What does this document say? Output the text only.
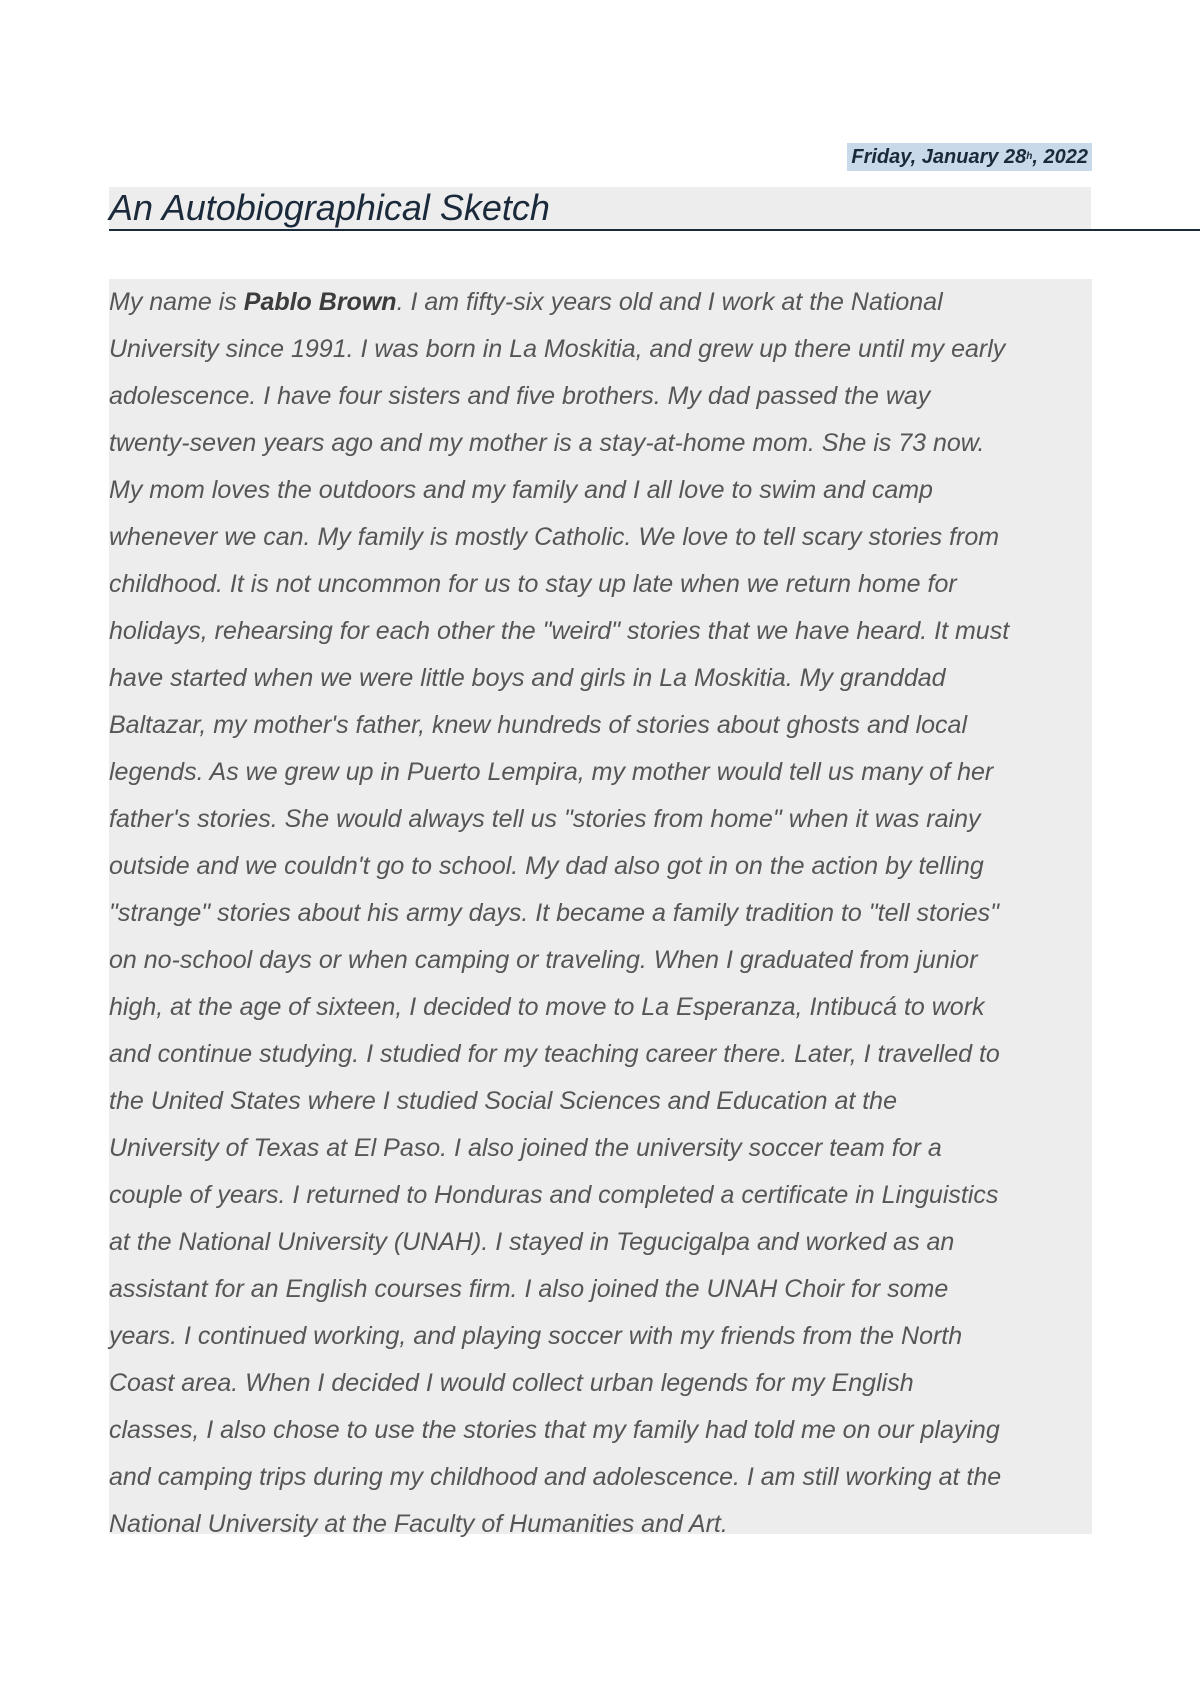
Friday, January 28 h , 2022
An Autobiographical Sketch
My name is Pablo Brown. I am fifty-six years old and I work at the National
University since 1991. I was born in La Moskitia, and grew up there until my early
adolescence. I have four sisters and five brothers. My dad passed the way
twenty-seven years ago and my mother is a stay-at-home mom. She is 73 now.
My mom loves the outdoors and my family and I all love to swim and camp
whenever we can. My family is mostly Catholic. We love to tell scary stories from
childhood. It is not uncommon for us to stay up late when we return home for
holidays, rehearsing for each other the "weird" stories that we have heard. It must
have started when we were little boys and girls in La Moskitia. My granddad
Baltazar, my mother's father, knew hundreds of stories about ghosts and local
legends. As we grew up in Puerto Lempira, my mother would tell us many of her
father's stories. She would always tell us "stories from home" when it was rainy
outside and we couldn't go to school. My dad also got in on the action by telling
"strange" stories about his army days. It became a family tradition to "tell stories"
on no-school days or when camping or traveling. When I graduated from junior
high, at the age of sixteen, I decided to move to La Esperanza, Intibucá to work
and continue studying. I studied for my teaching career there. Later, I travelled to
the United States where I studied Social Sciences and Education at the
University of Texas at El Paso. I also joined the university soccer team for a
couple of years. I returned to Honduras and completed a certificate in Linguistics
at the National University (UNAH). I stayed in Tegucigalpa and worked as an
assistant for an English courses firm. I also joined the UNAH Choir for some
years. I continued working, and playing soccer with my friends from the North
Coast area. When I decided I would collect urban legends for my English
classes, I also chose to use the stories that my family had told me on our playing
and camping trips during my childhood and adolescence. I am still working at the
National University at the Faculty of Humanities and Art.
